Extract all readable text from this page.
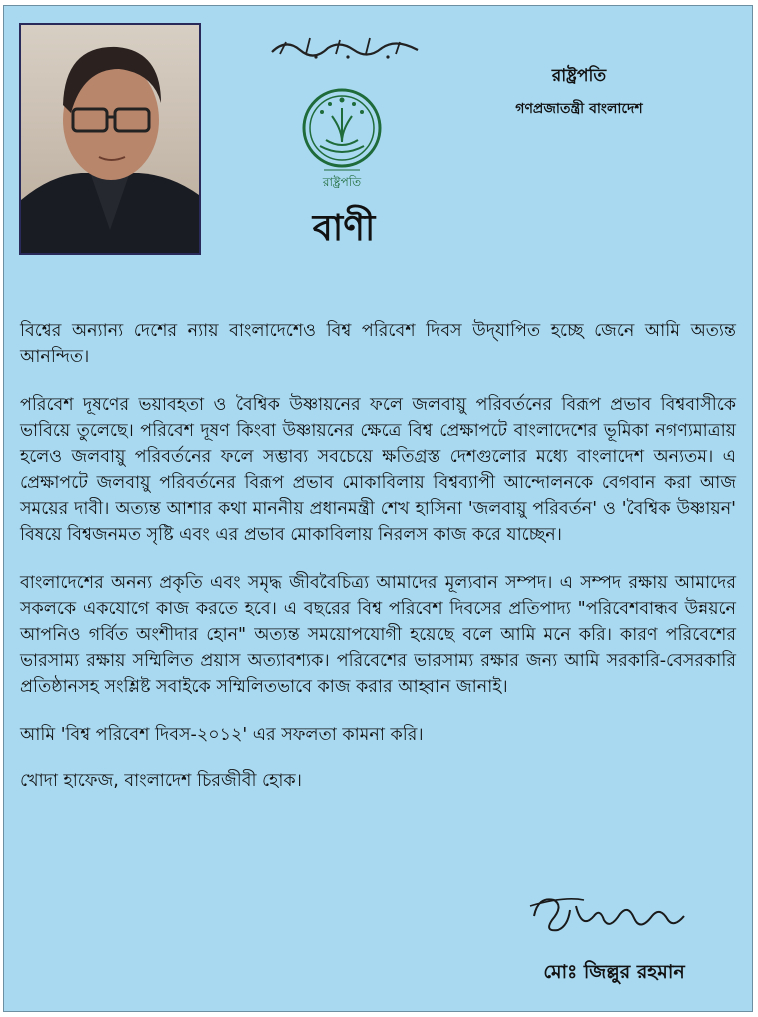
রাষ্ট্রপতি
বাণী
রাষ্ট্রপতি
গণপ্রজাতন্ত্রী বাংলাদেশ

বিশ্বের অন্যান্য দেশের ন্যায় বাংলাদেশেও বিশ্ব পরিবেশ দিবস উদ্‌যাপিত হচ্ছে জেনে আমি অত্যন্ত আনন্দিত।

পরিবেশ দূষণের ভয়াবহতা ও বৈশ্বিক উষ্ণায়নের ফলে জলবায়ু পরিবর্তনের বিরূপ প্রভাব বিশ্ববাসীকে ভাবিয়ে তুলেছে। পরিবেশ দূষণ কিংবা উষ্ণায়নের ক্ষেত্রে বিশ্ব প্রেক্ষাপটে বাংলাদেশের ভূমিকা নগণ্যমাত্রায় হলেও জলবায়ু পরিবর্তনের ফলে সম্ভাব্য সবচেয়ে ক্ষতিগ্রস্ত দেশগুলোর মধ্যে বাংলাদেশ অন্যতম। এ প্রেক্ষাপটে জলবায়ু পরিবর্তনের বিরূপ প্রভাব মোকাবিলায় বিশ্বব্যাপী আন্দোলনকে বেগবান করা আজ সময়ের দাবী। অত্যন্ত আশার কথা মাননীয় প্রধানমন্ত্রী শেখ হাসিনা 'জলবায়ু পরিবর্তন' ও 'বৈশ্বিক উষ্ণায়ন' বিষয়ে বিশ্বজনমত সৃষ্টি এবং এর প্রভাব মোকাবিলায় নিরলস কাজ করে যাচ্ছেন।

বাংলাদেশের অনন্য প্রকৃতি এবং সমৃদ্ধ জীববৈচিত্র্য আমাদের মূল্যবান সম্পদ। এ সম্পদ রক্ষায় আমাদের সকলকে একযোগে কাজ করতে হবে। এ বছরের বিশ্ব পরিবেশ দিবসের প্রতিপাদ্য "পরিবেশবান্ধব উন্নয়নে আপনিও গর্বিত অংশীদার হোন" অত্যন্ত সময়োপযোগী হয়েছে বলে আমি মনে করি। কারণ পরিবেশের ভারসাম্য রক্ষায় সম্মিলিত প্রয়াস অত্যাবশ্যক। পরিবেশের ভারসাম্য রক্ষার জন্য আমি সরকারি-বেসরকারি প্রতিষ্ঠানসহ সংশ্লিষ্ট সবাইকে সম্মিলিতভাবে কাজ করার আহ্বান জানাই।

আমি 'বিশ্ব পরিবেশ দিবস-২০১২' এর সফলতা কামনা করি।

খোদা হাফেজ, বাংলাদেশ চিরজীবী হোক।

মোঃ জিল্লুর রহমান
